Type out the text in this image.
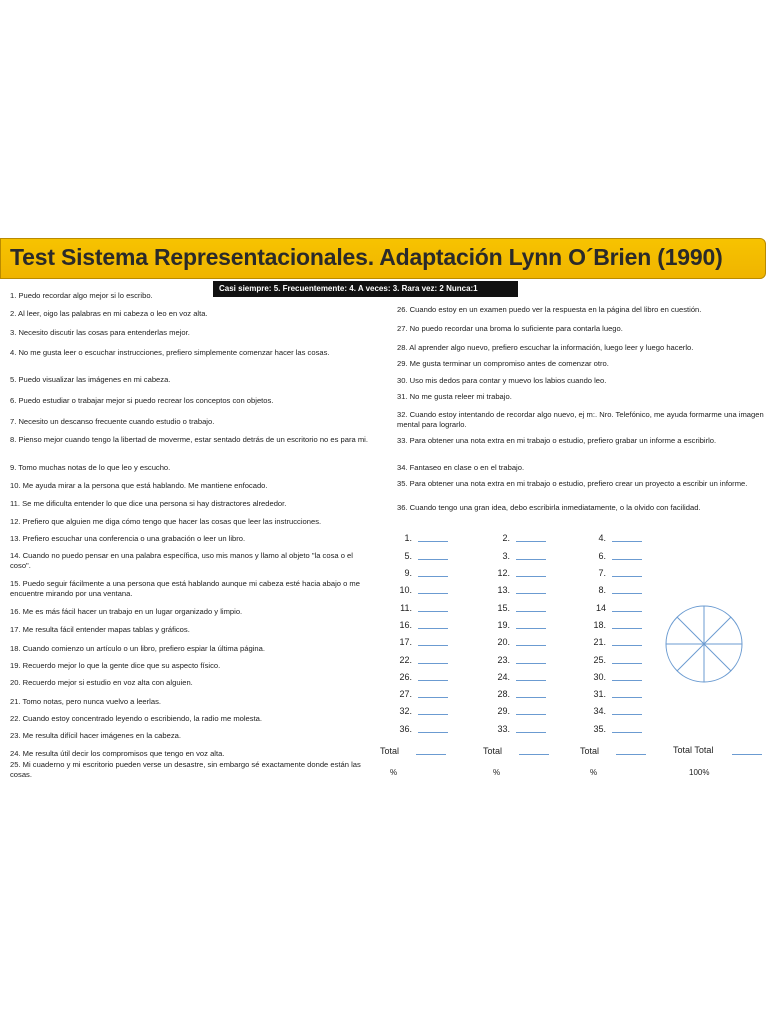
Test Sistema Representacionales. Adaptación Lynn O´Brien (1990)
Casi siempre: 5. Frecuentemente: 4. A veces: 3. Rara vez: 2 Nunca:1
1. Puedo recordar algo mejor si lo escribo.
2. Al leer, oigo las palabras en mi cabeza o leo en voz alta.
3. Necesito discutir las cosas para entenderlas mejor.
4. No me gusta leer o escuchar instrucciones, prefiero simplemente comenzar hacer las cosas.
5. Puedo visualizar las imágenes en mi cabeza.
6. Puedo estudiar o trabajar mejor si puedo recrear los conceptos con objetos.
7. Necesito un descanso frecuente cuando estudio o trabajo.
8. Pienso mejor cuando tengo la libertad de moverme, estar sentado detrás de un escritorio no es para mi.
9. Tomo muchas notas de lo que leo y escucho.
10. Me ayuda mirar a la persona que está hablando. Me mantiene enfocado.
11. Se me dificulta entender lo que dice una persona si hay distractores alrededor.
12. Prefiero que alguien me diga cómo tengo que hacer las cosas que leer las instrucciones.
13. Prefiero escuchar una conferencia o una grabación o leer un libro.
14. Cuando no puedo pensar en una palabra específica, uso mis manos y llamo al objeto "la cosa o el coso".
15. Puedo seguir fácilmente a una persona que está hablando aunque mi cabeza esté hacia abajo o me encuentre mirando por una ventana.
16. Me es más fácil hacer un trabajo en un lugar organizado y limpio.
17. Me resulta fácil entender mapas tablas y gráficos.
18. Cuando comienzo un artículo o un libro, prefiero espiar la última página.
19. Recuerdo mejor lo que la gente dice que su aspecto físico.
20. Recuerdo mejor si estudio en voz alta con alguien.
21. Tomo notas, pero nunca vuelvo a leerlas.
22. Cuando estoy concentrado leyendo o escribiendo, la radio me molesta.
23. Me resulta difícil hacer imágenes en la cabeza.
24. Me resulta útil decir los compromisos que tengo en voz alta.
25. Mi cuaderno y mi escritorio pueden verse un desastre, sin embargo sé exactamente donde están las cosas.
26. Cuando estoy en un examen puedo ver la respuesta en la página del libro en cuestión.
27. No puedo recordar una broma lo suficiente para contarla luego.
28. Al aprender algo nuevo, prefiero escuchar la información, luego leer y luego hacerlo.
29. Me gusta terminar un compromiso antes de comenzar otro.
30. Uso mis dedos para contar y muevo los labios cuando leo.
31. No me gusta releer mi trabajo.
32. Cuando estoy intentando de recordar algo nuevo, ej m:. Nro. Telefónico, me ayuda formarme una imagen mental para lograrlo.
33. Para obtener una nota extra en mi trabajo o estudio, prefiero grabar un informe a escribirlo.
34. Fantaseo en clase o en el trabajo.
35. Para obtener una nota extra en mi trabajo o estudio, prefiero crear un proyecto a escribir un informe.
36. Cuando tengo una gran idea, debo escribirla inmediatamente, o la olvido con facilidad.
1.
5.
9.
10.
11.
16.
17.
22.
26.
27.
32.
36.
2.
3.
12.
13.
15.
19.
20.
23.
24.
28.
29.
33.
4.
6.
7.
8.
14
18.
21.
25.
30.
31.
34.
35.
Total
%
Total
%
Total
%
Total Total
100%
